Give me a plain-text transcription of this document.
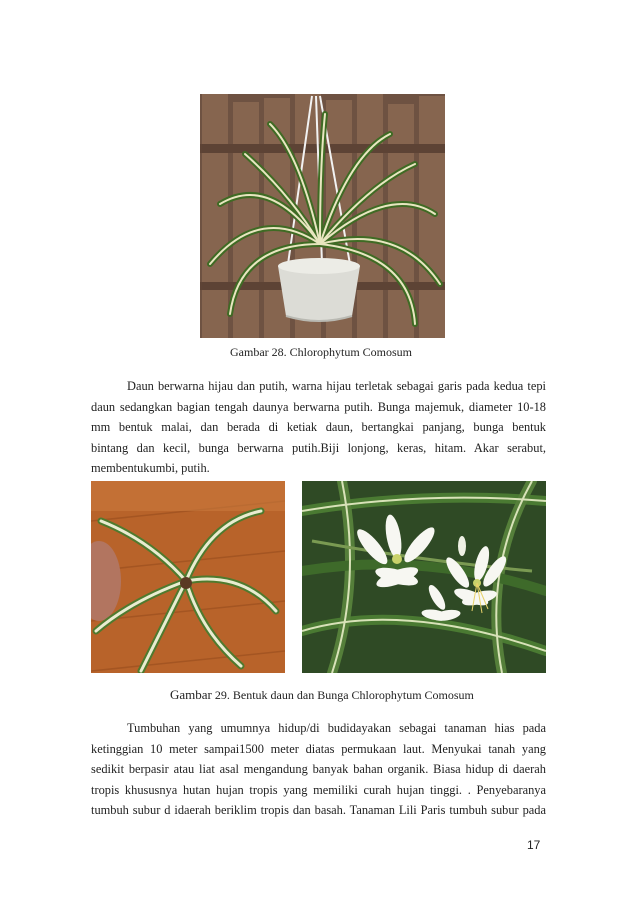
Gambar 28. Chlorophytum Comosum
Daun berwarna hijau dan putih, warna hijau terletak sebagai garis pada kedua tepi
daun sedangkan bagian tengah daunya berwarna putih. Bunga majemuk, diameter 10-18
mm bentuk malai, dan berada di ketiak daun, bertangkai panjang, bunga bentuk
bintang dan kecil, bunga berwarna putih.Biji lonjong, keras, hitam. Akar serabut,
membentukumbi, putih.
Gambar 29. Bentuk daun dan Bunga Chlorophytum Comosum
Tumbuhan yang umumnya hidup/di budidayakan sebagai tanaman hias pada
ketinggian 10 meter sampai1500 meter diatas permukaan laut. Menyukai tanah yang
sedikit berpasir atau liat asal mengandung banyak bahan organik. Biasa hidup di daerah
tropis khususnya hutan hujan tropis yang memiliki curah hujan tinggi. . Penyebaranya
tumbuh subur d idaerah beriklim tropis dan basah. Tanaman Lili Paris tumbuh subur pada
17
